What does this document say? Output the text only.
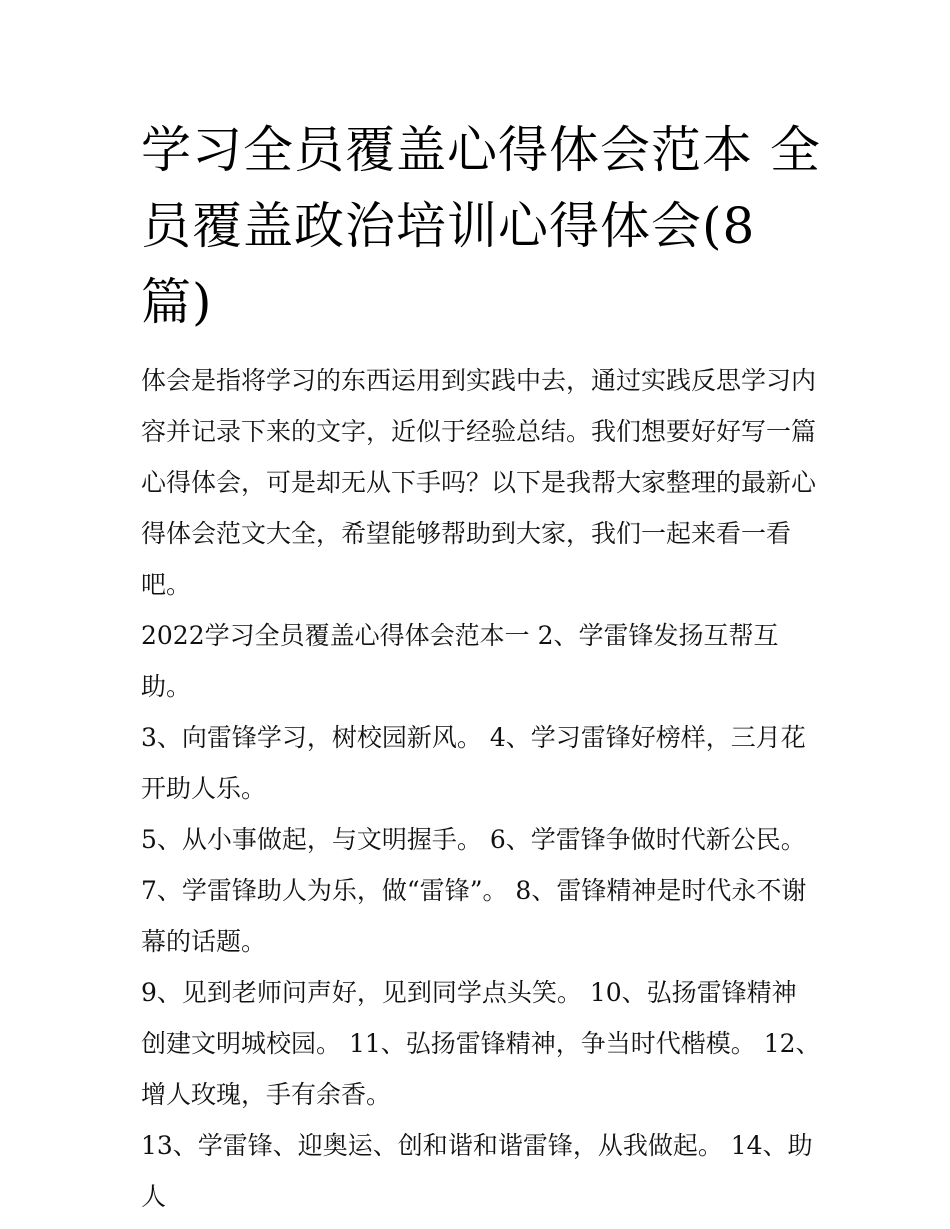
学习全员覆盖心得体会范本 全员覆盖政治培训心得体会(8篇)

体会是指将学习的东西运用到实践中去，通过实践反思学习内容并记录下来的文字，近似于经验总结。我们想要好好写一篇心得体会，可是却无从下手吗？以下是我帮大家整理的最新心得体会范文大全，希望能够帮助到大家，我们一起来看一看吧。

2022学习全员覆盖心得体会范本一 2、学雷锋发扬互帮互助。

3、向雷锋学习，树校园新风。 4、学习雷锋好榜样，三月花开助人乐。

5、从小事做起，与文明握手。 6、学雷锋争做时代新公民。

7、学雷锋助人为乐，做“雷锋”。 8、雷锋精神是时代永不谢幕的话题。

9、见到老师问声好，见到同学点头笑。 10、弘扬雷锋精神创建文明城校园。 11、弘扬雷锋精神，争当时代楷模。 12、增人玫瑰，手有余香。

13、学雷锋、迎奥运、创和谐和谐雷锋，从我做起。 14、助人
